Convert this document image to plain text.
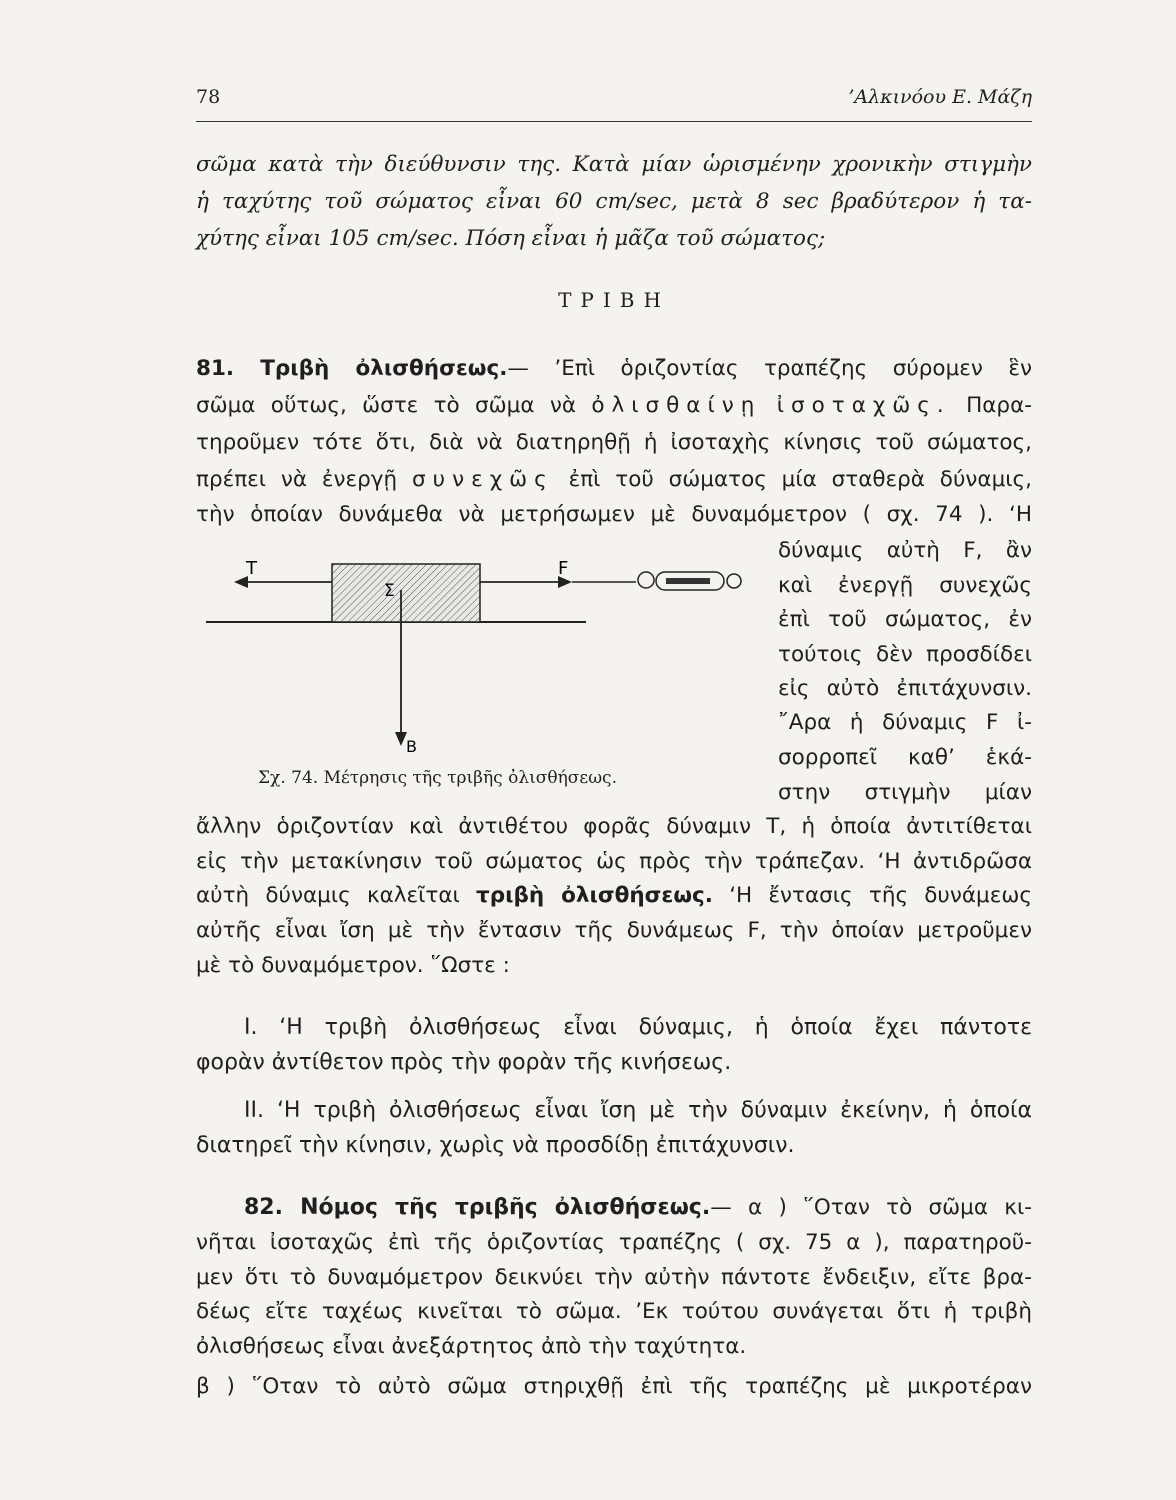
78	’Αλκινόου Ε. Μάζη
σῶμα κατὰ τὴν διεύθυνσιν της. Κατὰ μίαν ὡρισμένην χρονικὴν στιγμὴν
ἡ ταχύτης τοῦ σώματος εἶναι 60 cm/sec, μετὰ 8 sec βραδύτερον ἡ τα-
χύτης εἶναι 105 cm/sec. Πόση εἶναι ἡ μᾶζα τοῦ σώματος;
ΤΡΙΒΗ
81. Τριβὴ ὀλισθήσεως.— ’Επὶ ὁριζοντίας τραπέζης σύρομεν ἓν
σῶμα οὕτως, ὥστε τὸ σῶμα νὰ ὀλισθαίνῃ ἰσοταχῶς. Παρα-
τηροῦμεν τότε ὅτι, διὰ νὰ διατηρηθῇ ἡ ἰσοταχὴς κίνησις τοῦ σώματος,
πρέπει νὰ ἐνεργῇ συνεχῶς ἐπὶ τοῦ σώματος μία σταθερὰ δύναμις,
τὴν ὁποίαν δυνάμεθα νὰ μετρήσωμεν μὲ δυναμόμετρον ( σχ. 74 ). ‘Η
T	F
Σ
B
Σχ. 74. Μέτρησις τῆς τριβῆς ὀλισθήσεως.
δύναμις αὐτὴ F, ἂν
καὶ ἐνεργῇ συνεχῶς
ἐπὶ τοῦ σώματος, ἐν
τούτοις δὲν προσδίδει
εἰς αὐτὸ ἐπιτάχυνσιν.
῎Αρα ἡ δύναμις F ἰ-
σορροπεῖ καθ’ ἑκά-
στην στιγμὴν μίαν
ἄλλην ὁριζοντίαν καὶ ἀντιθέτου φορᾶς δύναμιν Τ, ἡ ὁποία ἀντιτίθεται
εἰς τὴν μετακίνησιν τοῦ σώματος ὡς πρὸς τὴν τράπεζαν. ‘Η ἀντιδρῶσα
αὐτὴ δύναμις καλεῖται τριβὴ ὀλισθήσεως. ‘Η ἔντασις τῆς δυνάμεως
αὐτῆς εἶναι ἴση μὲ τὴν ἔντασιν τῆς δυνάμεως F, τὴν ὁποίαν μετροῦμεν
μὲ τὸ δυναμόμετρον. ῞Ωστε :
Ι. ‘Η τριβὴ ὀλισθήσεως εἶναι δύναμις, ἡ ὁποία ἔχει πάντοτε
φορὰν ἀντίθετον πρὸς τὴν φορὰν τῆς κινήσεως.
ΙΙ. ‘Η τριβὴ ὀλισθήσεως εἶναι ἴση μὲ τὴν δύναμιν ἐκείνην, ἡ ὁποία
διατηρεῖ τὴν κίνησιν, χωρὶς νὰ προσδίδῃ ἐπιτάχυνσιν.
82. Νόμος τῆς τριβῆς ὀλισθήσεως.— α ) ῞Οταν τὸ σῶμα κι-
νῆται ἰσοταχῶς ἐπὶ τῆς ὁριζοντίας τραπέζης ( σχ. 75 α ), παρατηροῦ-
μεν ὅτι τὸ δυναμόμετρον δεικνύει τὴν αὐτὴν πάντοτε ἔνδειξιν, εἴτε βρα-
δέως εἴτε ταχέως κινεῖται τὸ σῶμα. ’Εκ τούτου συνάγεται ὅτι ἡ τριβὴ
ὀλισθήσεως εἶναι ἀνεξάρτητος ἀπὸ τὴν ταχύτητα.
β ) ῞Οταν τὸ αὐτὸ σῶμα στηριχθῇ ἐπὶ τῆς τραπέζης μὲ μικροτέραν
